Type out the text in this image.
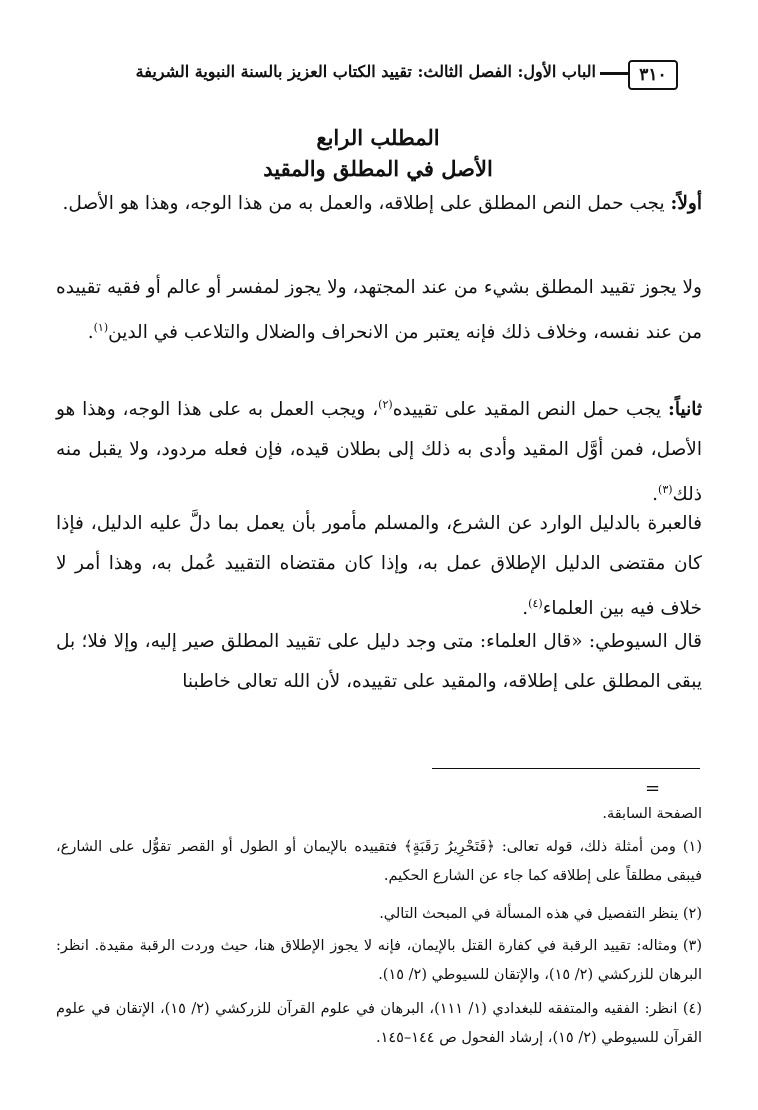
٣١٠
الباب الأول: الفصل الثالث: تقييد الكتاب العزيز بالسنة النبوية الشريفة
المطلب الرابع
الأصل في المطلق والمقيد
أولاً: يجب حمل النص المطلق على إطلاقه، والعمل به من هذا الوجه، وهذا هو الأصل.
ولا يجوز تقييد المطلق بشيء من عند المجتهد، ولا يجوز لمفسر أو عالم أو فقيه تقييده من عند نفسه، وخلاف ذلك فإنه يعتبر من الانحراف والضلال والتلاعب في الدين$^{(١)}$.
ثانياً: يجب حمل النص المقيد على تقييده$^{(٢)}$، ويجب العمل به على هذا الوجه، وهذا هو الأصل، فمن أوَّل المقيد وأدى به ذلك إلى بطلان قيده، فإن فعله مردود، ولا يقبل منه ذلك$^{(٣)}$.
فالعبرة بالدليل الوارد عن الشرع، والمسلم مأمور بأن يعمل بما دلَّ عليه الدليل، فإذا كان مقتضى الدليل الإطلاق عمل به، وإذا كان مقتضاه التقييد عُمل به، وهذا أمر لا خلاف فيه بين العلماء$^{(٤)}$.
قال السيوطي: «قال العلماء: متى وجد دليل على تقييد المطلق صير إليه، وإلا فلا؛ بل يبقى المطلق على إطلاقه، والمقيد على تقييده، لأن الله تعالى خاطبنا
=
الصفحة السابقة.
(١) ومن أمثلة ذلك، قوله تعالى: ﴿فَتَحْرِيرُ رَقَبَةٍ﴾ فتقييده بالإيمان أو الطول أو القصر تقوُّل على الشارع، فيبقى مطلقاً على إطلاقه كما جاء عن الشارع الحكيم.
(٢) ينظر التفصيل في هذه المسألة في المبحث التالي.
(٣) ومثاله: تقييد الرقبة في كفارة القتل بالإيمان، فإنه لا يجوز الإطلاق هنا، حيث وردت الرقبة مقيدة. انظر: البرهان للزركشي (٢/ ١٥)، والإتقان للسيوطي (٢/ ١٥).
(٤) انظر: الفقيه والمتفقه للبغدادي (١/ ١١١)، البرهان في علوم القرآن للزركشي (٢/ ١٥)، الإتقان في علوم القرآن للسيوطي (٢/ ١٥)، إرشاد الفحول ص ١٤٤–١٤٥.
